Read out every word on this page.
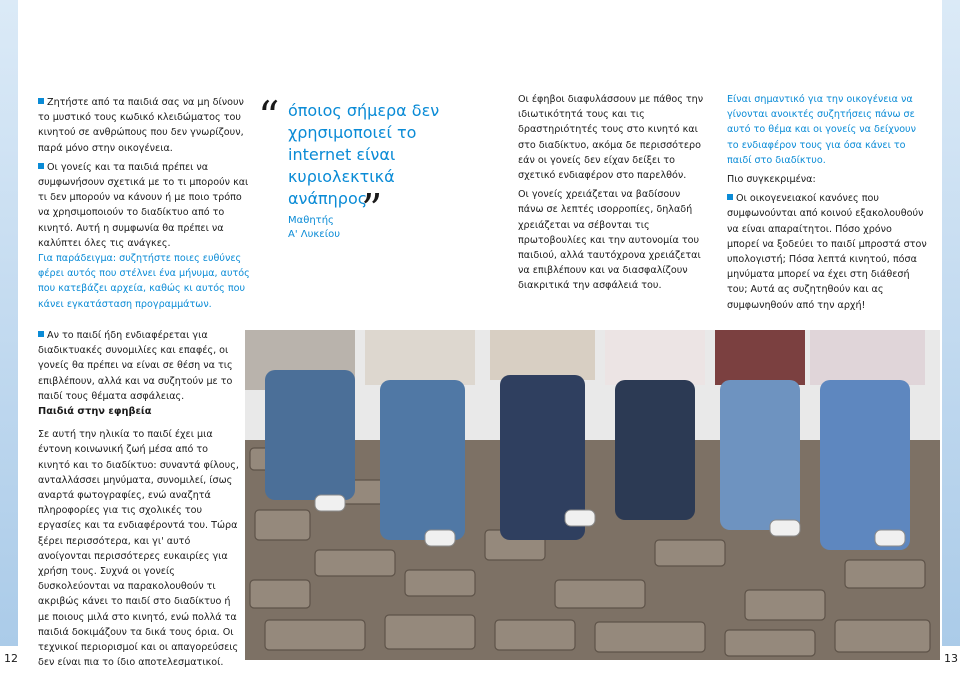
12	13

Ζητήστε από τα παιδιά σας να μη δίνουν το μυστικό τους κωδικό κλειδώματος του κινητού σε ανθρώπους που δεν γνωρίζουν, παρά μόνο στην οικογένεια.

Οι γονείς και τα παιδιά πρέπει να συμφωνήσουν σχετικά με το τι μπορούν και τι δεν μπορούν να κάνουν ή με ποιο τρόπο να χρησιμοποιούν το διαδίκτυο από το κινητό. Αυτή η συμφωνία θα πρέπει να καλύπτει όλες τις ανάγκες.

Για παράδειγμα: συζητήστε ποιες ευθύνες φέρει αυτός που στέλνει ένα μήνυμα, αυτός που κατεβάζει αρχεία, καθώς κι αυτός που κάνει εγκατάσταση προγραμμάτων.

Αν το παιδί ήδη ενδιαφέρεται για διαδικτυακές συνομιλίες και επαφές, οι γονείς θα πρέπει να είναι σε θέση να τις επιβλέπουν, αλλά και να συζητούν με το παιδί τους θέματα ασφάλειας.

Παιδιά στην εφηβεία

Σε αυτή την ηλικία το παιδί έχει μια έντονη κοινωνική ζωή μέσα από το κινητό και το διαδίκτυο: συναντά φίλους, ανταλλάσσει μηνύματα, συνομιλεί, ίσως αναρτά φωτογραφίες, ενώ αναζητά πληροφορίες για τις σχολικές του εργασίες και τα ενδιαφέροντά του. Τώρα ξέρει περισσότερα, και γι' αυτό ανοίγονται περισσότερες ευκαιρίες για χρήση τους. Συχνά οι γονείς δυσκολεύονται να παρακολουθούν τι ακριβώς κάνει το παιδί στο διαδίκτυο ή με ποιους μιλά στο κινητό, ενώ πολλά τα παιδιά δοκιμάζουν τα δικά τους όρια. Οι τεχνικοί περιορισμοί και οι απαγορεύσεις δεν είναι πια το ίδιο αποτελεσματικοί.

“ όποιος σήμερα δεν χρησιμοποιεί το internet είναι κυριολεκτικά ανάπηρος
”
Μαθητής
Α' Λυκείου

Οι έφηβοι διαφυλάσσουν με πάθος την ιδιωτικότητά τους και τις δραστηριότητές τους στο κινητό και στο διαδίκτυο, ακόμα δε περισσότερο εάν οι γονείς δεν είχαν δείξει το σχετικό ενδιαφέρον στο παρελθόν.

Οι γονείς χρειάζεται να βαδίσουν πάνω σε λεπτές ισορροπίες, δηλαδή χρειάζεται να σέβονται τις πρωτοβουλίες και την αυτονομία του παιδιού, αλλά ταυτόχρονα χρειάζεται να επιβλέπουν και να διασφαλίζουν διακριτικά την ασφάλειά του.

Είναι σημαντικό για την οικογένεια να γίνονται ανοικτές συζητήσεις πάνω σε αυτό το θέμα και οι γονείς να δείχνουν το ενδιαφέρον τους για όσα κάνει το παιδί στο διαδίκτυο.

Πιο συγκεκριμένα:

Οι οικογενειακοί κανόνες που συμφωνούνται από κοινού εξακολουθούν να είναι απαραίτητοι. Πόσο χρόνο μπορεί να ξοδεύει το παιδί μπροστά στον υπολογιστή; Πόσα λεπτά κινητού, πόσα μηνύματα μπορεί να έχει στη διάθεσή του; Αυτά ας συζητηθούν και ας συμφωνηθούν από την αρχή!
